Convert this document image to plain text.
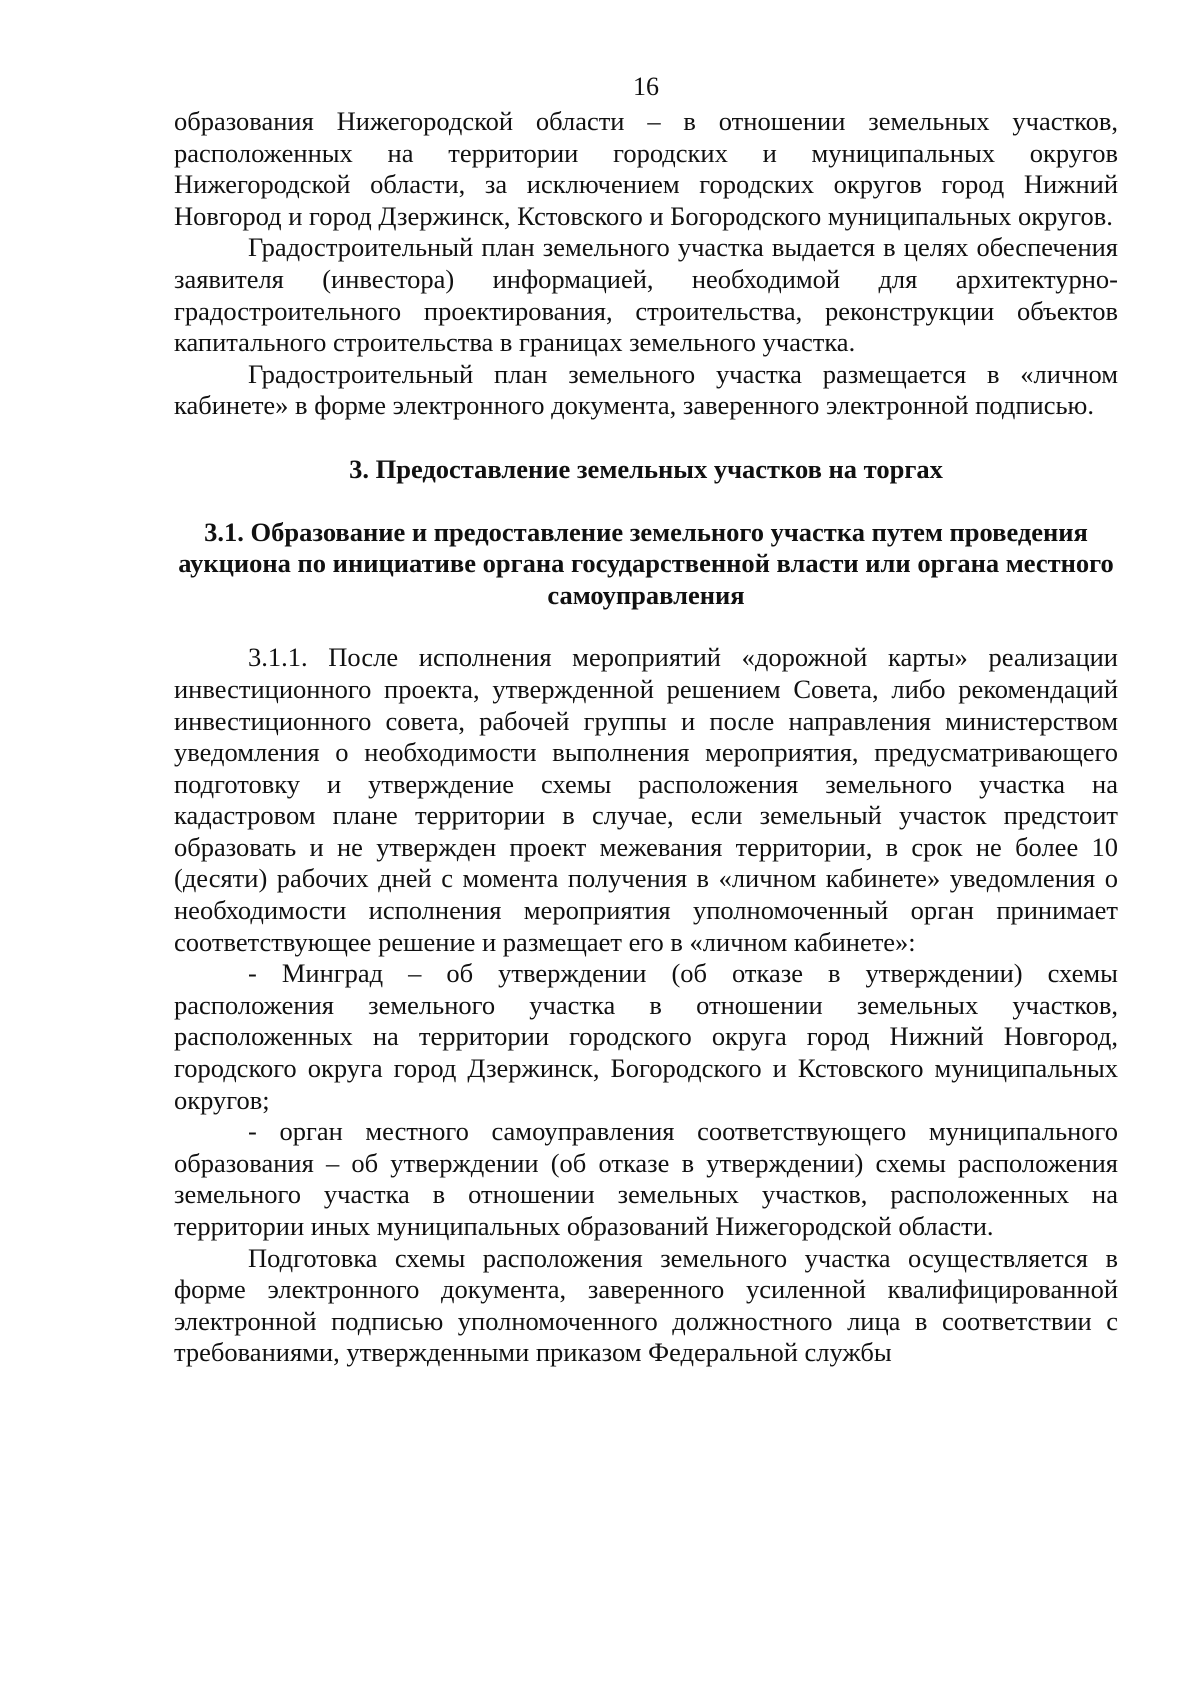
16

образования Нижегородской области – в отношении земельных участков, расположенных на территории городских и муниципальных округов Нижегородской области, за исключением городских округов город Нижний Новгород и город Дзержинск, Кстовского и Богородского муниципальных округов.

Градостроительный план земельного участка выдается в целях обеспечения заявителя (инвестора) информацией, необходимой для архитектурно-градостроительного проектирования, строительства, реконструкции объектов капитального строительства в границах земельного участка.

Градостроительный план земельного участка размещается в «личном кабинете» в форме электронного документа, заверенного электронной подписью.

3. Предоставление земельных участков на торгах
3.1. Образование и предоставление земельного участка путем проведения аукциона по инициативе органа государственной власти или органа местного самоуправления

3.1.1. После исполнения мероприятий «дорожной карты» реализации инвестиционного проекта, утвержденной решением Совета, либо рекомендаций инвестиционного совета, рабочей группы и после направления министерством уведомления о необходимости выполнения мероприятия, предусматривающего подготовку и утверждение схемы расположения земельного участка на кадастровом плане территории в случае, если земельный участок предстоит образовать и не утвержден проект межевания территории, в срок не более 10 (десяти) рабочих дней с момента получения в «личном кабинете» уведомления о необходимости исполнения мероприятия уполномоченный орган принимает соответствующее решение и размещает его в «личном кабинете»:

- Минград – об утверждении (об отказе в утверждении) схемы расположения земельного участка в отношении земельных участков, расположенных на территории городского округа город Нижний Новгород, городского округа город Дзержинск, Богородского и Кстовского муниципальных округов;

- орган местного самоуправления соответствующего муниципального образования – об утверждении (об отказе в утверждении) схемы расположения земельного участка в отношении земельных участков, расположенных на территории иных муниципальных образований Нижегородской области.

Подготовка схемы расположения земельного участка осуществляется в форме электронного документа, заверенного усиленной квалифицированной электронной подписью уполномоченного должностного лица в соответствии с требованиями, утвержденными приказом Федеральной службы
